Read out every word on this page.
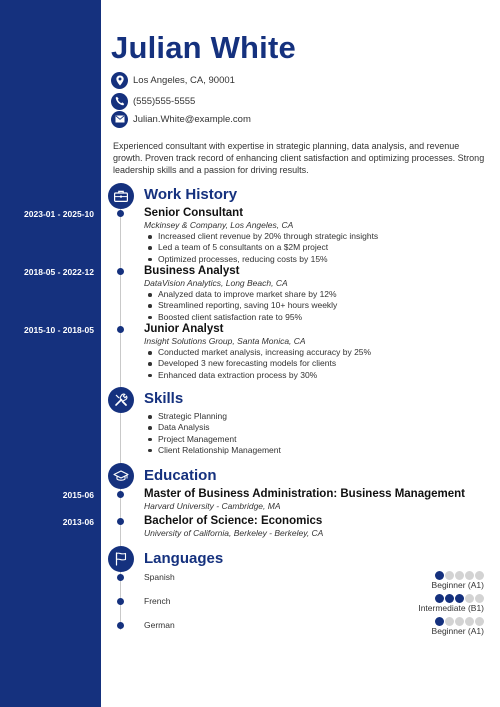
Julian White
Los Angeles, CA, 90001
(555)555-5555
Julian.White@example.com
Experienced consultant with expertise in strategic planning, data analysis, and revenue growth. Proven track record of enhancing client satisfaction and optimizing processes. Strong leadership skills and a passion for driving results.
Work History
2023-01 - 2025-10	Senior Consultant
Mckinsey & Company, Los Angeles, CA
Increased client revenue by 20% through strategic insights
Led a team of 5 consultants on a $2M project
Optimized processes, reducing costs by 15%
2018-05 - 2022-12	Business Analyst
DataVision Analytics, Long Beach, CA
Analyzed data to improve market share by 12%
Streamlined reporting, saving 10+ hours weekly
Boosted client satisfaction rate to 95%
2015-10 - 2018-05	Junior Analyst
Insight Solutions Group, Santa Monica, CA
Conducted market analysis, increasing accuracy by 25%
Developed 3 new forecasting models for clients
Enhanced data extraction process by 30%
Skills
Strategic Planning
Data Analysis
Project Management
Client Relationship Management
Education
2015-06	Master of Business Administration: Business Management
Harvard University - Cambridge, MA
2013-06	Bachelor of Science: Economics
University of California, Berkeley - Berkeley, CA
Languages
Spanish
Beginner (A1)
French
Intermediate (B1)
German
Beginner (A1)
